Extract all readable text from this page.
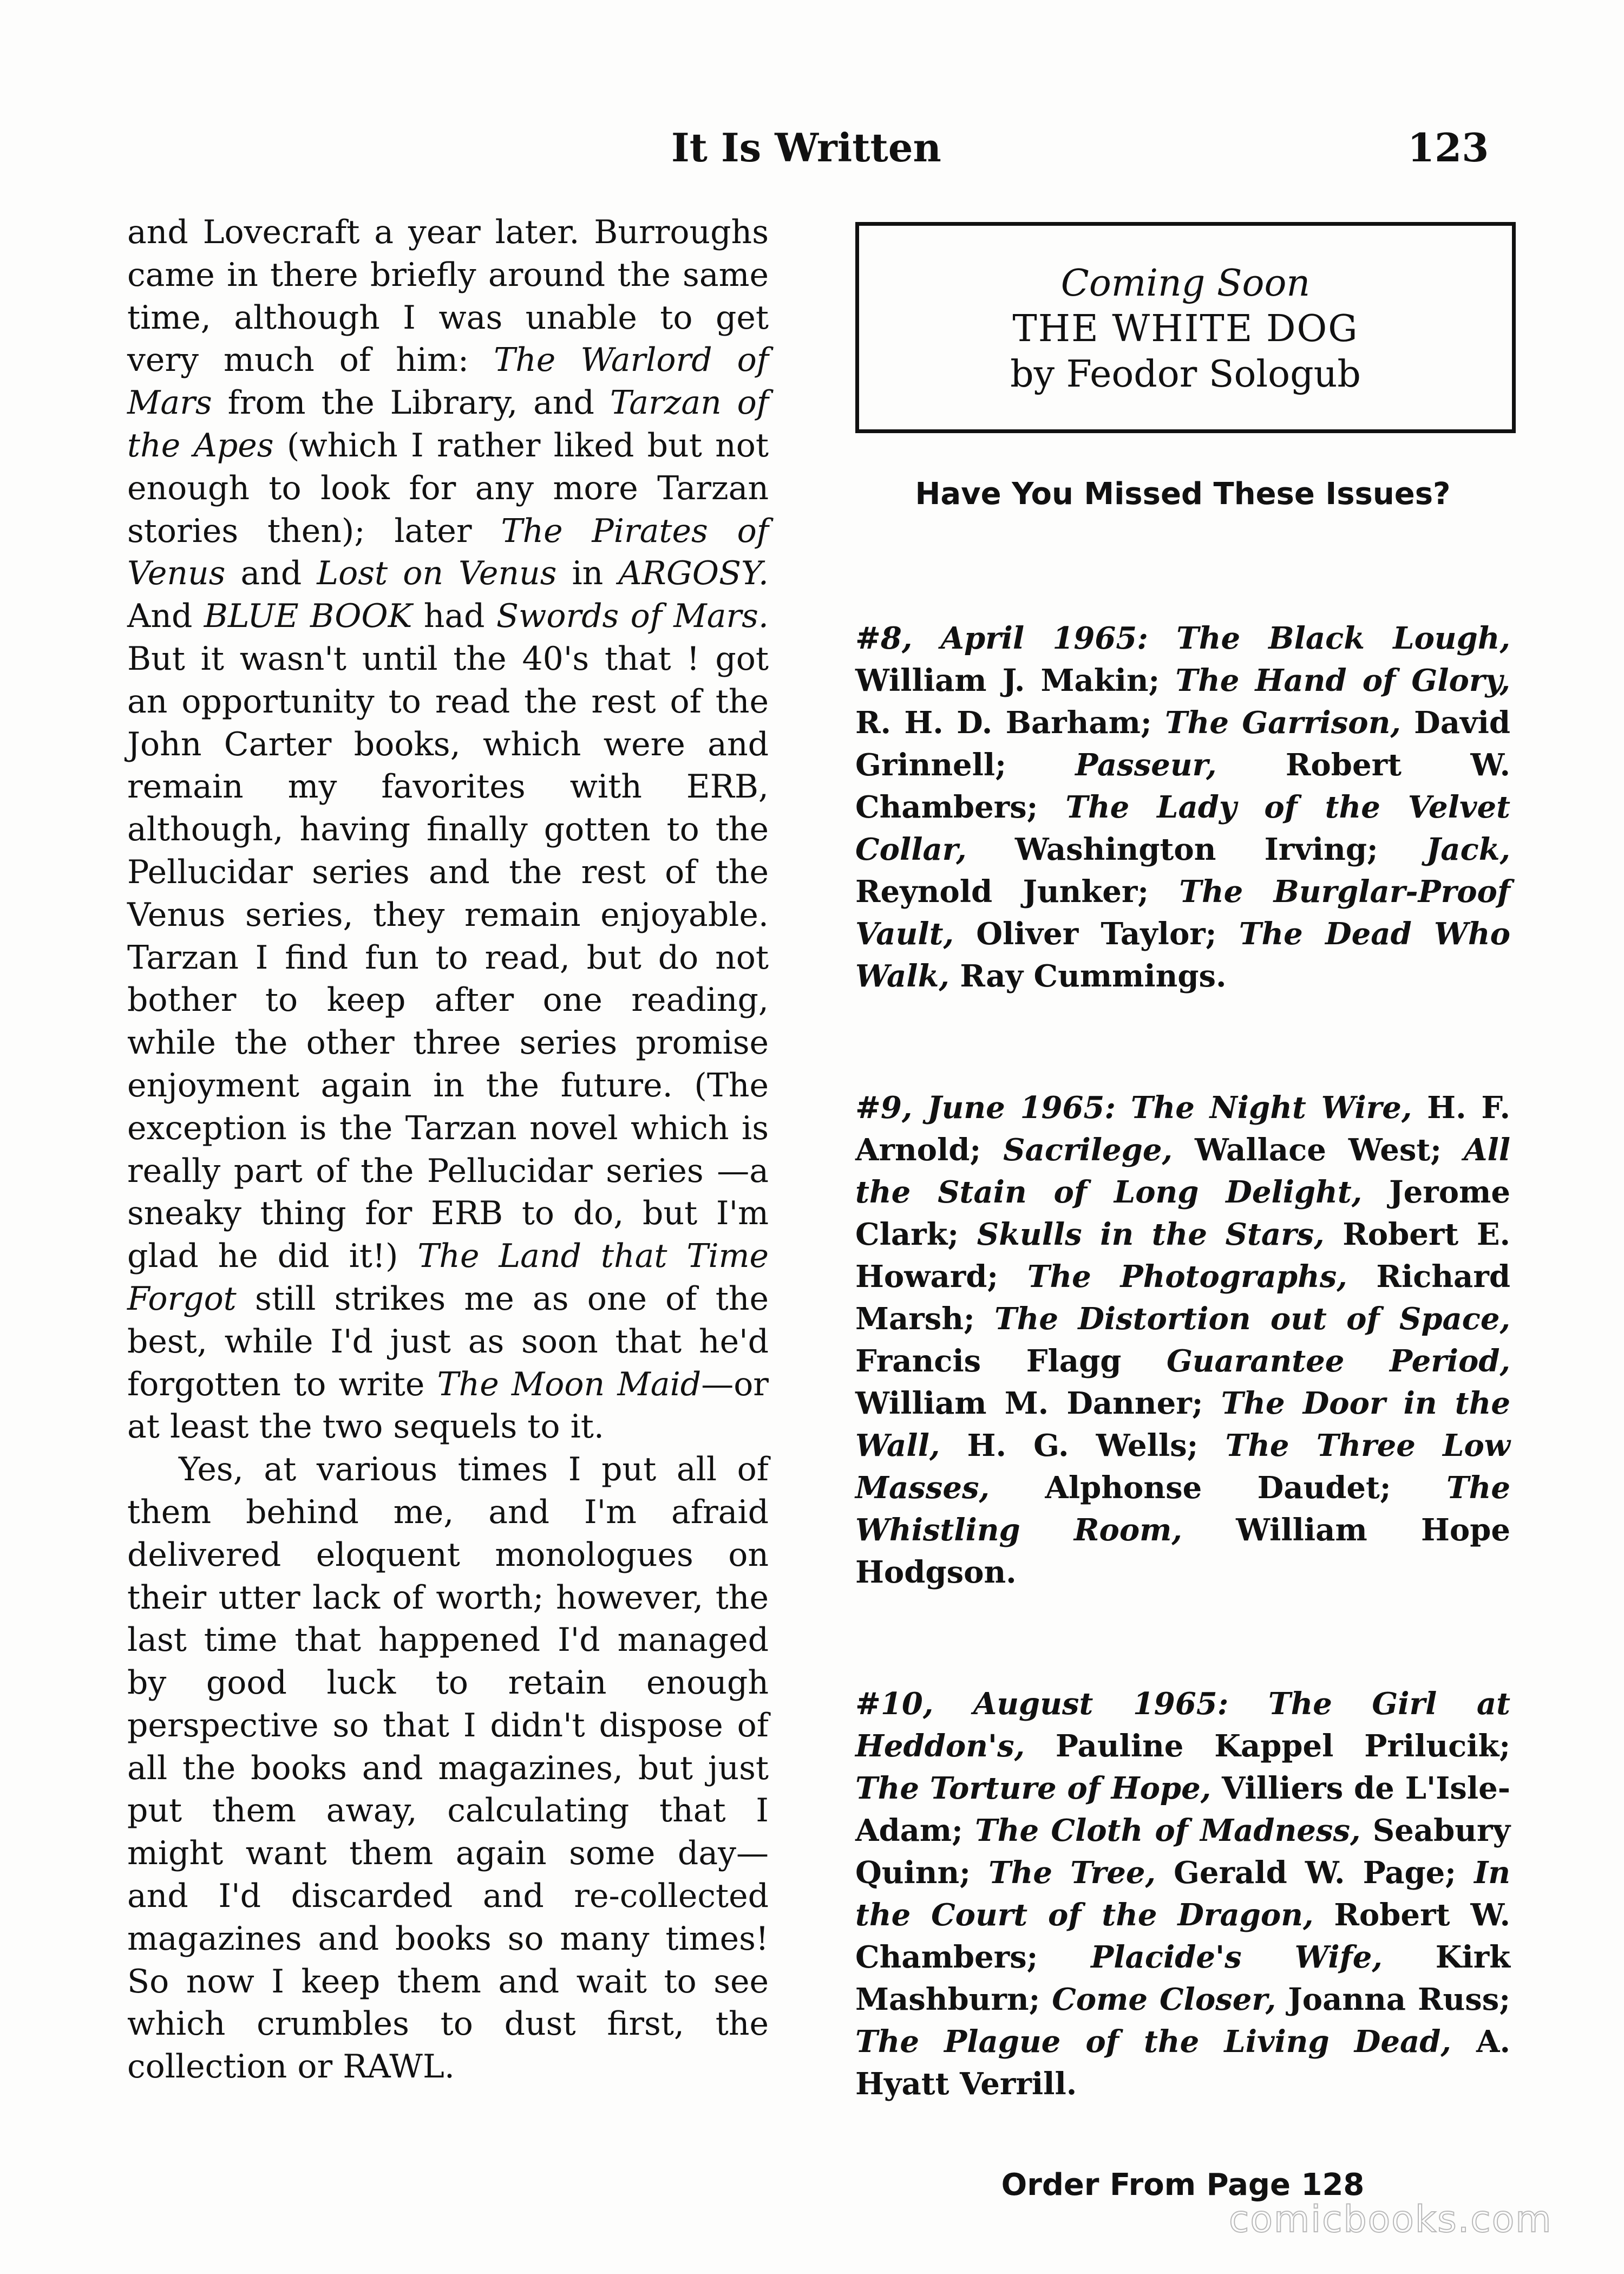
It Is Written	123

and Lovecraft a year later. Burroughs came in there briefly around the same time, although I was unable to get very much of him: The Warlord of Mars from the Library, and Tarzan of the Apes (which I rather liked but not enough to look for any more Tarzan stories then); later The Pirates of Venus and Lost on Venus in ARGOSY. And BLUE BOOK had Swords of Mars. But it wasn't until the 40's that ! got an opportunity to read the rest of the John Carter books, which were and remain my favorites with ERB, although, having finally gotten to the Pellucidar series and the rest of the Venus series, they remain enjoyable. Tarzan I find fun to read, but do not bother to keep after one reading, while the other three series promise enjoyment again in the future. (The exception is the Tarzan novel which is really part of the Pellucidar series —a sneaky thing for ERB to do, but I'm glad he did it!) The Land that Time Forgot still strikes me as one of the best, while I'd just as soon that he'd forgotten to write The Moon Maid—or at least the two sequels to it.

Yes, at various times I put all of them behind me, and I'm afraid delivered eloquent monologues on their utter lack of worth; however, the last time that happened I'd managed by good luck to retain enough perspective so that I didn't dispose of all the books and magazines, but just put them away, calculating that I might want them again some day—and I'd discarded and re-collected magazines and books so many times! So now I keep them and wait to see which crumbles to dust first, the collection or RAWL.

Coming Soon
THE WHITE DOG
by Feodor Sologub
Have You Missed These Issues?

#8, April 1965: The Black Lough, William J. Makin; The Hand of Glory, R. H. D. Barham; The Garrison, David Grinnell; Passeur, Robert W. Chambers; The Lady of the Velvet Collar, Washington Irving; Jack, Reynold Junker; The Burglar-Proof Vault, Oliver Taylor; The Dead Who Walk, Ray Cummings.

#9, June 1965: The Night Wire, H. F. Arnold; Sacrilege, Wallace West; All the Stain of Long Delight, Jerome Clark; Skulls in the Stars, Robert E. Howard; The Photographs, Richard Marsh; The Distortion out of Space, Francis Flagg Guarantee Period, William M. Danner; The Door in the Wall, H. G. Wells; The Three Low Masses, Alphonse Daudet; The Whistling Room, William Hope Hodgson.

#10, August 1965: The Girl at Heddon's, Pauline Kappel Prilucik; The Torture of Hope, Villiers de L'Isle-Adam; The Cloth of Madness, Seabury Quinn; The Tree, Gerald W. Page; In the Court of the Dragon, Robert W. Chambers; Placide's Wife, Kirk Mashburn; Come Closer, Joanna Russ; The Plague of the Living Dead, A. Hyatt Verrill.

Order From Page 128
comicbooks.com
